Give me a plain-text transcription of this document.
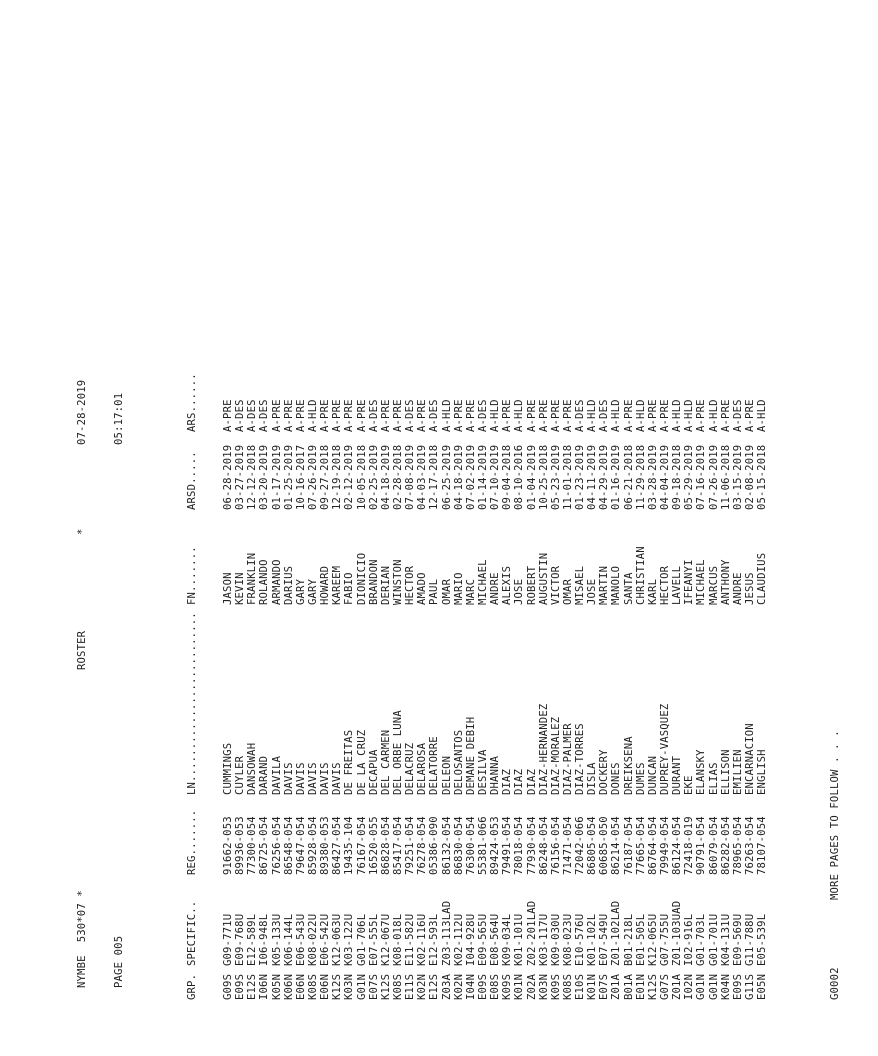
NYMBE  530*07 *

ROSTER

*

07-28-2019

PAGE 005

05:17:01

GRP.

SPECIFIC..

REG.......

LN..........................

FN.......

ARSD.....

ARS......

G09S
G09-771U
91662-053
CUMMINGS
JASON
06-28-2019
A-PRE
E09S
E09-768U
89936-053
CUYLER
KEVIN
03-27-2019
A-DES
E12S
E12-589L
77300-054
DANSOWAH
FRANKLIN
12-12-2018
A-DES
I06N
I06-948L
86725-054
DARAND
ROLANDO
03-20-2019
A-DES
K05N
K05-133U
76256-054
DAVILA
ARMANDO
01-17-2019
A-PRE
K06N
K06-144L
86548-054
DAVIS
DARIUS
01-25-2019
A-PRE
E06N
E06-543U
79647-054
DAVIS
GARY
10-16-2017
A-PRE
K08S
K08-022U
85928-054
DAVIS
GARY
07-26-2019
A-HLD
E06N
E06-542U
89380-053
DAVIS
HOWARD
09-27-2018
A-PRE
K12S
K12-063U
86427-054
DAVIS
KAREEM
12-19-2018
A-PRE
K03N
K03-122U
19435-104
DE FREITAS
FABIO
02-12-2019
A-PRE
G01N
G01-706L
76167-054
DE LA CRUZ
DIONICIO
10-05-2018
A-PRE
E07S
E07-555L
16520-055
DECAPUA
BRANDON
02-25-2019
A-DES
K12S
K12-067U
86828-054
DEL CARMEN
DERIAN
04-18-2019
A-PRE
K08S
K08-018L
85417-054
DEL ORBE LUNA
WINSTON
02-28-2018
A-PRE
E11S
E11-582U
79251-054
DELACRUZ
HECTOR
07-08-2019
A-DES
K02N
K02-116U
76278-054
DELAROSA
AMADO
04-03-2019
A-PRE
E12S
E12-593L
05386-090
DELATORRE
PAUL
12-17-2018
A-DES
Z03A
Z03-113LAD
86132-054
DELEON
OMAR
06-25-2019
A-HLD
K02N
K02-112U
86830-054
DELOSANTOS
MARIO
04-18-2019
A-PRE
I04N
I04-928U
76300-054
DEMANE DEBIH
MARC
07-02-2019
A-PRE
E09S
E09-565U
55381-066
DESILVA
MICHAEL
01-14-2019
A-DES
E08S
E08-564U
89424-053
DHANNA
ANDRE
07-10-2019
A-HLD
K09S
K09-034L
79491-054
DIAZ
ALEXIS
09-04-2018
A-PRE
K01N
K01-101U
78018-054
DIAZ
JOSE
08-10-2016
A-HLD
Z02A
Z02-201LAD
77930-054
DIAZ
ROBERT
01-04-2019
A-PRE
K03N
K03-117U
86248-054
DIAZ-HERNANDEZ
AUGUSTIN
10-25-2018
A-PRE
K09S
K09-030U
76156-054
DIAZ-MORALEZ
VICTOR
05-23-2019
A-PRE
K08S
K08-023U
71471-054
DIAZ-PALMER
OMAR
11-01-2018
A-PRE
E10S
E10-576U
72042-066
DIAZ-TORRES
MISAEL
01-23-2019
A-DES
K01N
K01-102L
86805-054
DISLA
JOSE
04-11-2019
A-HLD
E07S
E07-549U
60685-050
DOCKERY
MARTIN
04-29-2019
A-DES
Z01A
Z01-102LAD
86214-054
DONES
MANOLO
01-16-2019
A-HLD
B01A
B01-218L
76187-054
DREIKSENA
SANTA
06-21-2018
A-PRE
E01N
E01-505L
77665-054
DUMES
CHRISTIAN
11-29-2018
A-HLD
K12S
K12-065U
86764-054
DUNCAN
KARL
03-28-2019
A-PRE
G07S
G07-755U
79949-054
DUPREY-VASQUEZ
HECTOR
04-04-2019
A-PRE
Z01A
Z01-103UAD
86124-054
DURANT
LAVELL
09-18-2018
A-HLD
I02N
I02-916L
72418-019
EKE
IFEANYI
05-29-2019
A-HLD
G01N
G01-703L
90791-054
ELANSKY
MICHAEL
07-16-2019
A-PRE
G01N
G01-701U
86079-054
ELIAS
MARCUS
07-26-2019
A-HLD
K04N
K04-131U
86282-054
ELLISON
ANTHONY
11-06-2018
A-PRE
E09S
E09-569U
78965-054
EMILIEN
ANDRE
03-15-2019
A-DES
G11S
G11-788U
76263-054
ENCARNACION
JESUS
02-08-2019
A-PRE
E05N
E05-539L
78107-054
ENGLISH
CLAUDIUS
05-15-2018
A-HLD

G0002

MORE PAGES TO FOLLOW . . .
